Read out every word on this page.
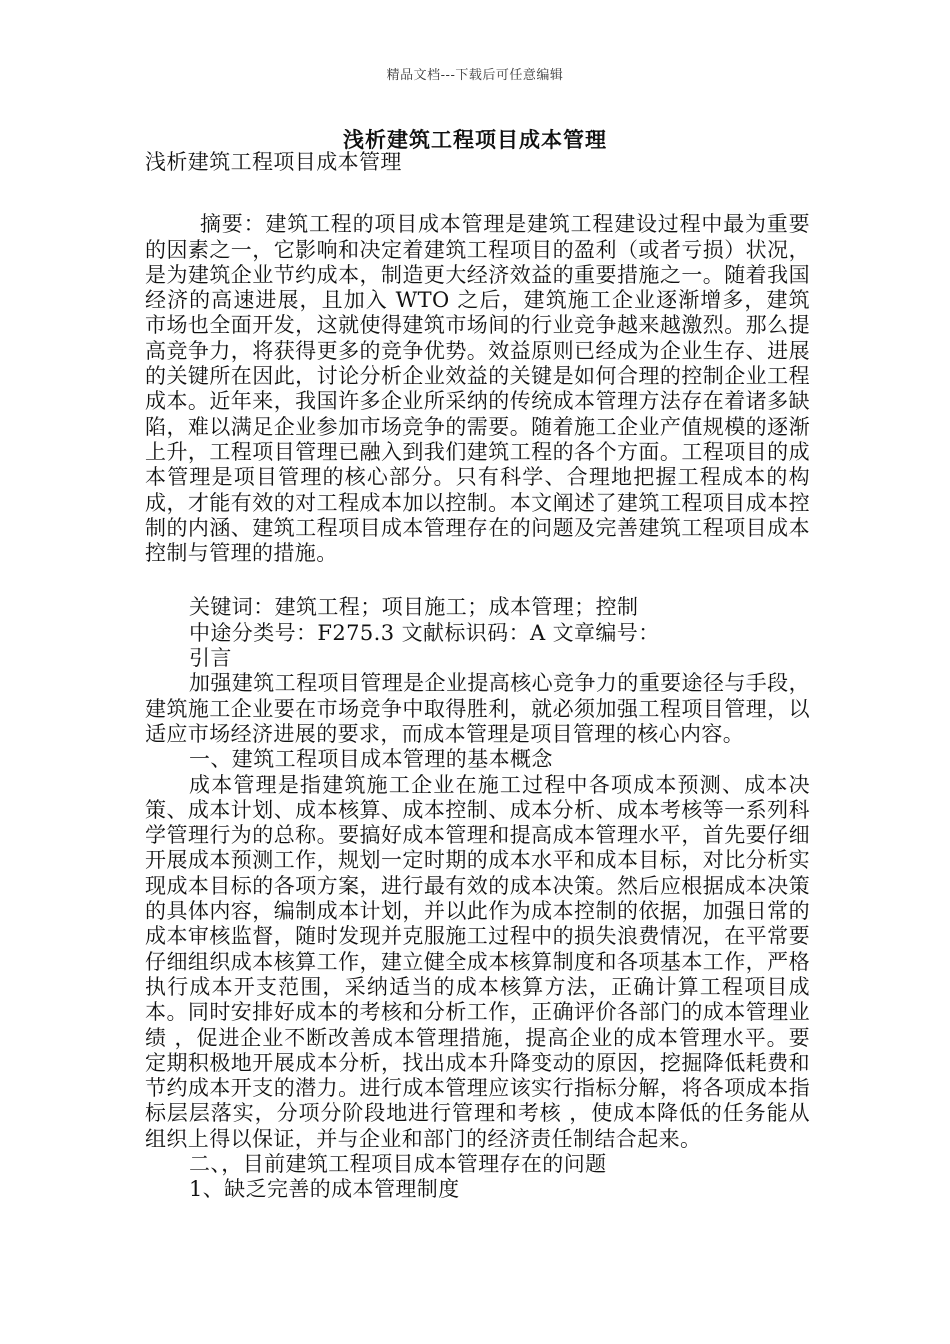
精品文档---下载后可任意编辑
浅析建筑工程项目成本管理

浅析建筑工程项目成本管理

摘要：建筑工程的项目成本管理是建筑工程建设过程中最为重要的因素之一，它影响和决定着建筑工程项目的盈利（或者亏损）状况，是为建筑企业节约成本，制造更大经济效益的重要措施之一。随着我国经济的高速进展，且加入 WTO 之后，建筑施工企业逐渐增多，建筑市场也全面开发，这就使得建筑市场间的行业竞争越来越激烈。那么提高竞争力，将获得更多的竞争优势。效益原则已经成为企业生存、进展的关键所在因此，讨论分析企业效益的关键是如何合理的控制企业工程成本。近年来，我国许多企业所采纳的传统成本管理方法存在着诸多缺陷，难以满足企业参加市场竞争的需要。随着施工企业产值规模的逐渐上升，工程项目管理已融入到我们建筑工程的各个方面。工程项目的成本管理是项目管理的核心部分。只有科学、合理地把握工程成本的构成，才能有效的对工程成本加以控制。本文阐述了建筑工程项目成本控制的内涵、建筑工程项目成本管理存在的问题及完善建筑工程项目成本控制与管理的措施。

关键词：建筑工程；项目施工；成本管理；控制

中途分类号：F275.3 文献标识码：A 文章编号：

引言

加强建筑工程项目管理是企业提高核心竞争力的重要途径与手段，建筑施工企业要在市场竞争中取得胜利，就必须加强工程项目管理，以适应市场经济进展的要求，而成本管理是项目管理的核心内容。

一、建筑工程项目成本管理的基本概念

成本管理是指建筑施工企业在施工过程中各项成本预测、成本决策、成本计划、成本核算、成本控制、成本分析、成本考核等一系列科学管理行为的总称。要搞好成本管理和提高成本管理水平，首先要仔细开展成本预测工作，规划一定时期的成本水平和成本目标，对比分析实现成本目标的各项方案，进行最有效的成本决策。然后应根据成本决策的具体内容，编制成本计划，并以此作为成本控制的依据，加强日常的成本审核监督，随时发现并克服施工过程中的损失浪费情况，在平常要仔细组织成本核算工作，建立健全成本核算制度和各项基本工作，严格执行成本开支范围，采纳适当的成本核算方法，正确计算工程项目成本。同时安排好成本的考核和分析工作，正确评价各部门的成本管理业绩 ，促进企业不断改善成本管理措施，提高企业的成本管理水平。要定期积极地开展成本分析，找出成本升降变动的原因，挖掘降低耗费和节约成本开支的潜力。进行成本管理应该实行指标分解，将各项成本指标层层落实，分项分阶段地进行管理和考核 ，使成本降低的任务能从组织上得以保证，并与企业和部门的经济责任制结合起来。

二、，目前建筑工程项目成本管理存在的问题

1、缺乏完善的成本管理制度
